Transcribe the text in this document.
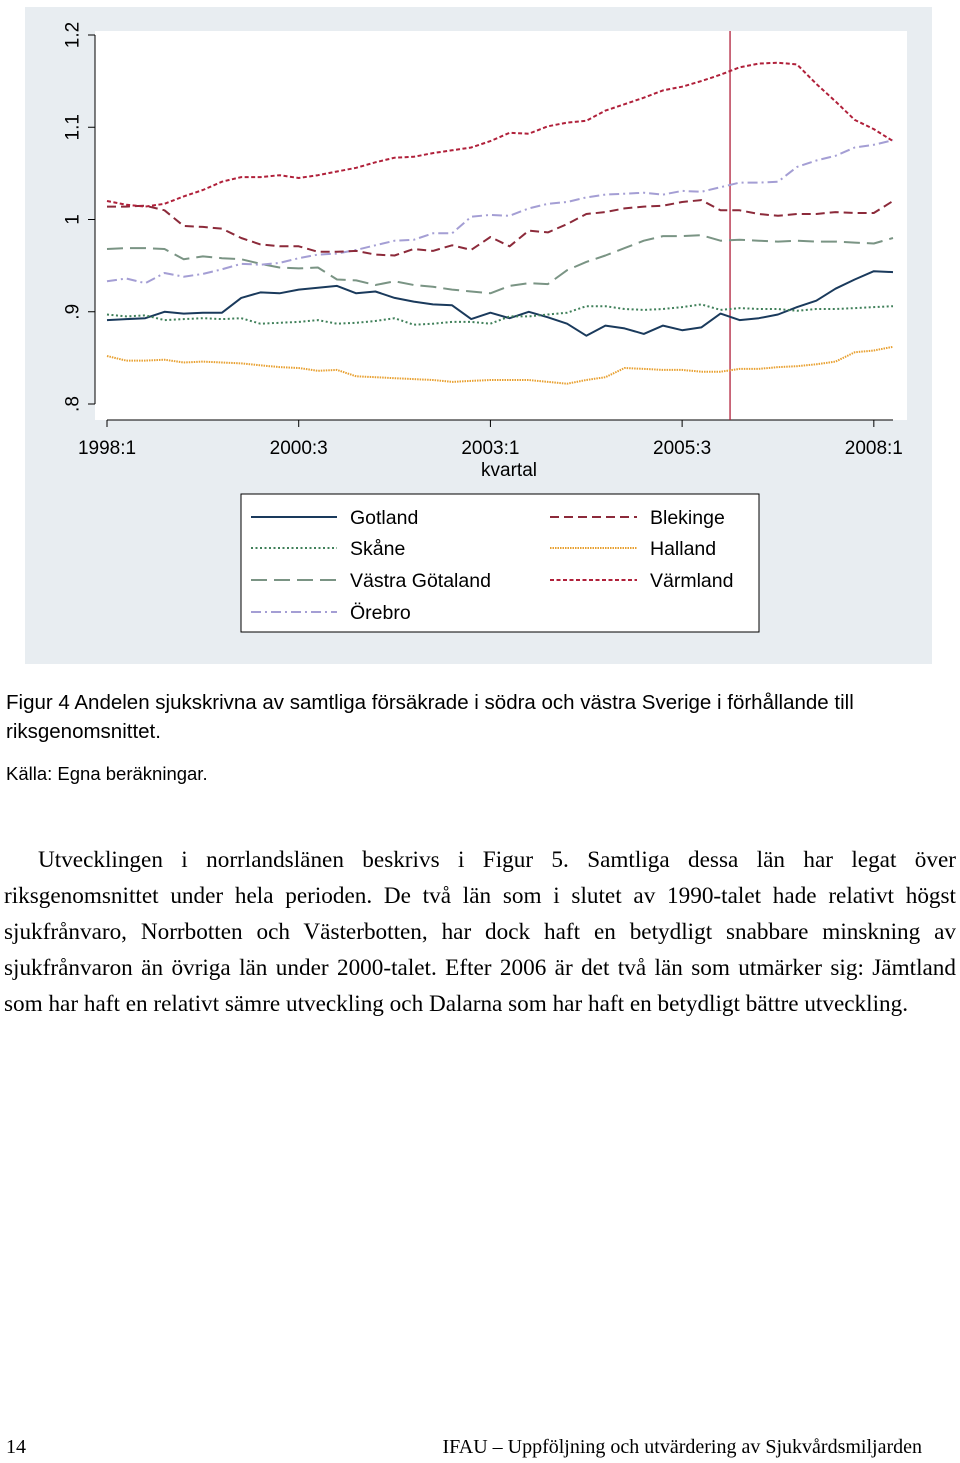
.8
.9
1
1.1
1.2
1998:1	2000:3	2003:1	2005:3	2008:1
kvartal
Gotland
Skåne
Västra Götaland
Örebro
Blekinge
Halland
Värmland
Figur 4 Andelen sjukskrivna av samtliga försäkrade i södra och västra Sverige i förhållande till riksgenomsnittet.
Källa: Egna beräkningar.

Utvecklingen i norrlandslänen beskrivs i Figur 5. Samtliga dessa län har legat över riksgenomsnittet under hela perioden. De två län som i slutet av 1990-talet hade relativt högst sjukfrånvaro, Norrbotten och Västerbotten, har dock haft en betydligt snabbare minskning av sjukfrånvaron än övriga län under 2000-talet. Efter 2006 är det två län som utmärker sig: Jämtland som har haft en relativt sämre utveckling och Dalarna som har haft en betydligt bättre utveckling.

14	IFAU – Uppföljning och utvärdering av Sjukvårdsmiljarden
